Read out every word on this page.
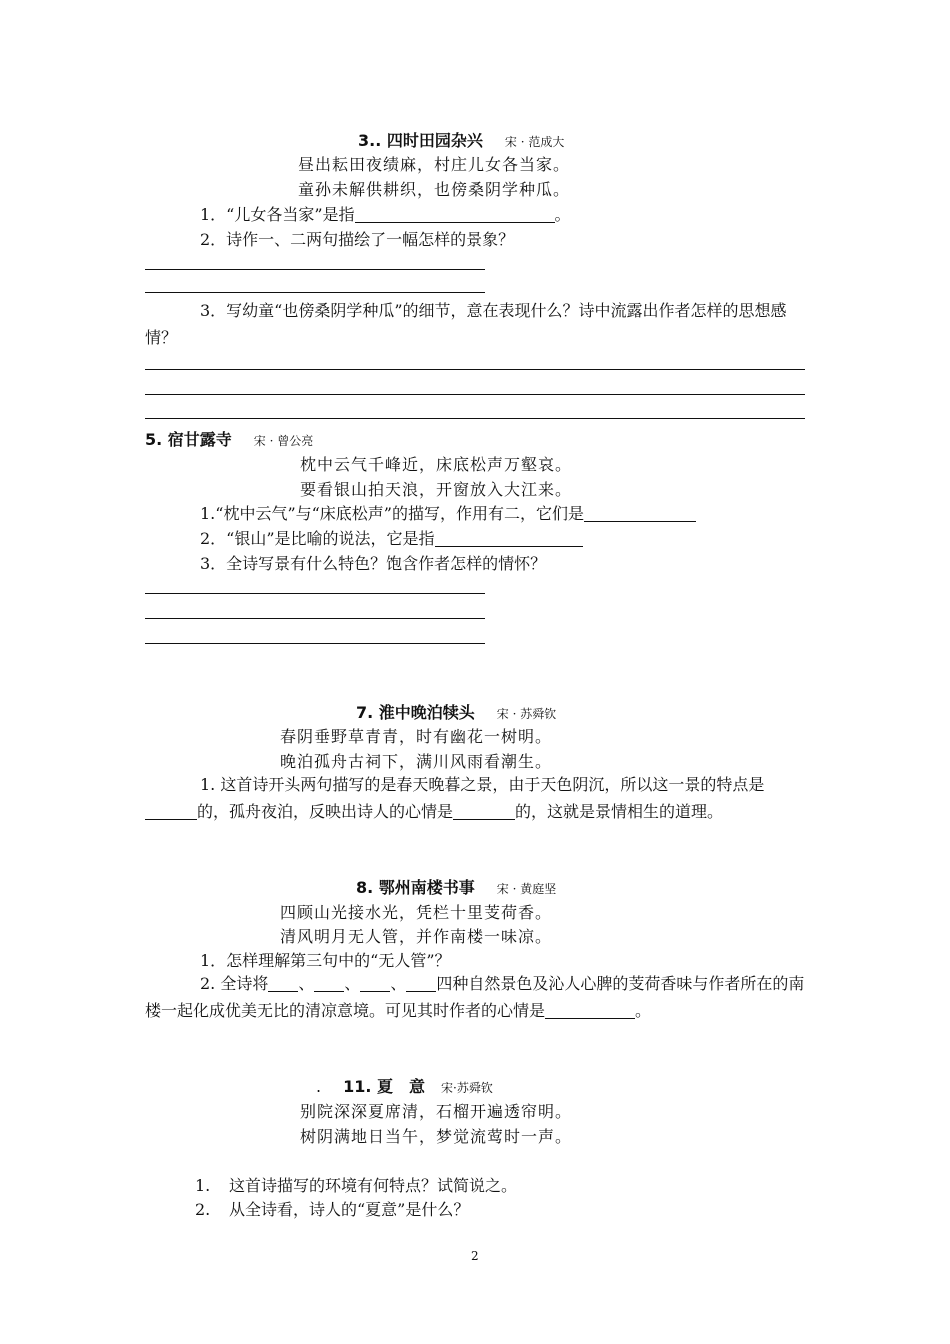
3.. 四时田园杂兴 宋 · 范成大
昼出耘田夜绩麻，村庄儿女各当家。
童孙未解供耕织，也傍桑阴学种瓜。
1．“儿女各当家”是指	。
2．诗作一、二两句描绘了一幅怎样的景象？
3．写幼童“也傍桑阴学种瓜”的细节，意在表现什么？诗中流露出作者怎样的思想感情？
5. 宿甘露寺 宋 · 曾公亮
枕中云气千峰近，床底松声万壑哀。
要看银山拍天浪，开窗放入大江来。
1.“枕中云气”与“床底松声”的描写，作用有二，它们是
2．“银山”是比喻的说法，它是指
3．全诗写景有什么特色？饱含作者怎样的情怀？
7. 淮中晚泊犊头 宋 · 苏舜钦
春阴垂野草青青，时有幽花一树明。
晚泊孤舟古祠下，满川风雨看潮生。
1. 这首诗开头两句描写的是春天晚暮之景，由于天色阴沉，所以这一景的特点是的，孤舟夜泊，反映出诗人的心情是	的，这就是景情相生的道理。
8. 鄂州南楼书事 宋 · 黄庭坚
四顾山光接水光，凭栏十里芰荷香。
清风明月无人管，并作南楼一味凉。
1．怎样理解第三句中的“无人管”？
2. 全诗将 、 、 、 四种自然景色及沁人心脾的芰荷香味与作者所在的南楼一起化成优美无比的清凉意境。可见其时作者的心情是	。
. 11. 夏　意 宋·苏舜钦
别院深深夏席清，石榴开遍透帘明。
树阴满地日当午，梦觉流莺时一声。
1. 这首诗描写的环境有何特点？试简说之。
2. 从全诗看，诗人的“夏意”是什么？
2
